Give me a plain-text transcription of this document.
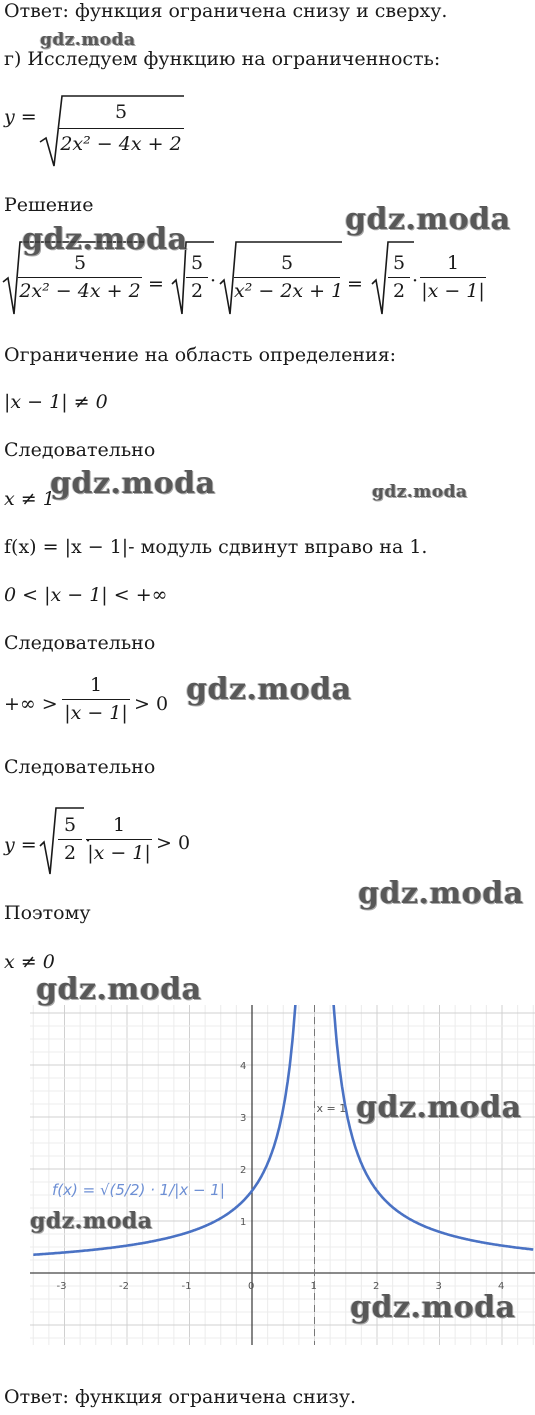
Ответ: функция ограничена снизу и сверху.
г) Исследуем функцию на ограниченность:
$y = \frac{5}{\text{2x² − 4x + 2}}$
Решение
$\frac{5}{\text{2x² − 4x + 2}} = \frac{5}{2} \cdot \frac{5}{\text{x² − 2x + 1}} = \frac{5}{2} \cdot \frac{1}{|x - 1|}$
Ограничение на область определения:
|x − 1| ≠ 0
Следовательно
x ≠ 1
f(x) = |x − 1|- модуль сдвинут вправо на 1.
0 < |x − 1| < +∞
Следовательно
+∞ > $\frac{1}{|x - 1|} > 0$
Следовательно
$y = \frac{5}{2}$ ·
$\frac{1}{|x - 1|} > 0$
Поэтому
x ≠ 0
-3	-2	-1	0	1	2	3	4
1
2
3
4
x = 1
f(x) = √(5/2) · 1/|x − 1|
Ответ: функция ограничена снизу.
gdz.moda
gdz.moda
gdz.moda
gdz.moda	gdz.moda
gdz.moda
gdz.moda
gdz.moda
gdz.moda
gdz.moda
gdz.moda
